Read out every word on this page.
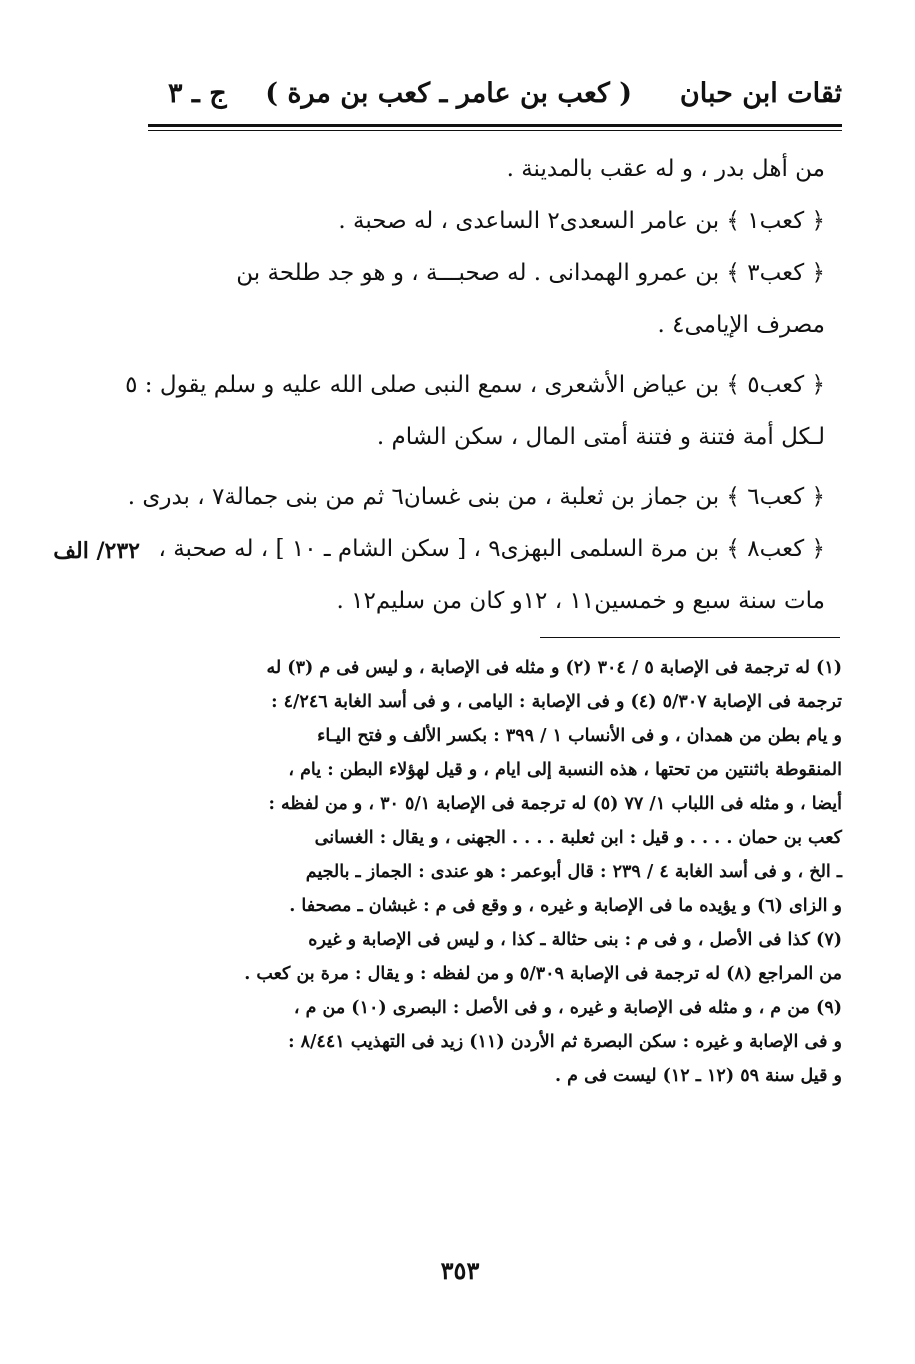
ثقات ابن حبان
( كعب بن عامر ـ كعب بن مرة )
ج ـ ٣
٢٣٢/ الف
من أهل بدر ، و له عقب بالمدينة .
﴿ كعب١ ﴾ بن عامر السعدى٢ الساعدى ، له صحبة .
﴿ كعب٣ ﴾ بن عمرو الهمدانى . له صحبـــة ، و هو جد طلحة بن
مصرف الإيامى٤ .
﴿ كعب٥ ﴾ بن عياض الأشعرى ، سمع النبى صلى الله عليه و سلم يقول : ٥
لـكل أمة فتنة و فتنة أمتى المال ، سكن الشام .
﴿ كعب٦ ﴾ بن جماز بن ثعلبة ، من بنى غسان٦ ثم من بنى جمالة٧ ، بدرى .
﴿ كعب٨ ﴾ بن مرة السلمى البهزى٩ ، [ سكن الشام ـ ١٠ ] ، له صحبة ،
مات سنة سبع و خمسين١١ ، ١٢و كان من سليم١٢ .
(١) له ترجمة فى الإصابة ٥ / ٣٠٤ (٢) و مثله فى الإصابة ، و ليس فى م (٣) له
ترجمة فى الإصابة ٥/٣٠٧ (٤) و فى الإصابة : اليامى ، و فى أسد الغابة ٤/٢٤٦ :
و يام بطن من همدان ، و فى الأنساب ١ / ٣٩٩ : بكسر الألف و فتح اليـاء
المنقوطة باثنتين من تحتها ، هذه النسبة إلى ايام ، و قيل لهؤلاء البطن : يام ،
أيضا ، و مثله فى اللباب ١/ ٧٧ (٥) له ترجمة فى الإصابة ٥/١ ٣٠ ، و من لفظه :
كعب بن حمان . . . . و قيل : ابن ثعلبة . . . . الجهنى ، و يقال : الغسانى
ـ الخ ، و فى أسد الغابة ٤ / ٢٣٩ : قال أبوعمر : هو عندى : الجماز ـ بالجيم
و الزاى (٦) و يؤيده ما فى الإصابة و غيره ، و وقع فى م : غبشان ـ مصحفا .
(٧) كذا فى الأصل ، و فى م : بنى حثالة ـ كذا ، و ليس فى الإصابة و غيره
من المراجع (٨) له ترجمة فى الإصابة ٥/٣٠٩ و من لفظه : و يقال : مرة بن كعب .
(٩) من م ، و مثله فى الإصابة و غيره ، و فى الأصل : البصرى (١٠) من م ،
و فى الإصابة و غيره : سكن البصرة ثم الأردن (١١) زيد فى التهذيب ٨/٤٤١ :
و قيل سنة ٥٩ (١٢ ـ ١٢) ليست فى م .
٣٥٣
